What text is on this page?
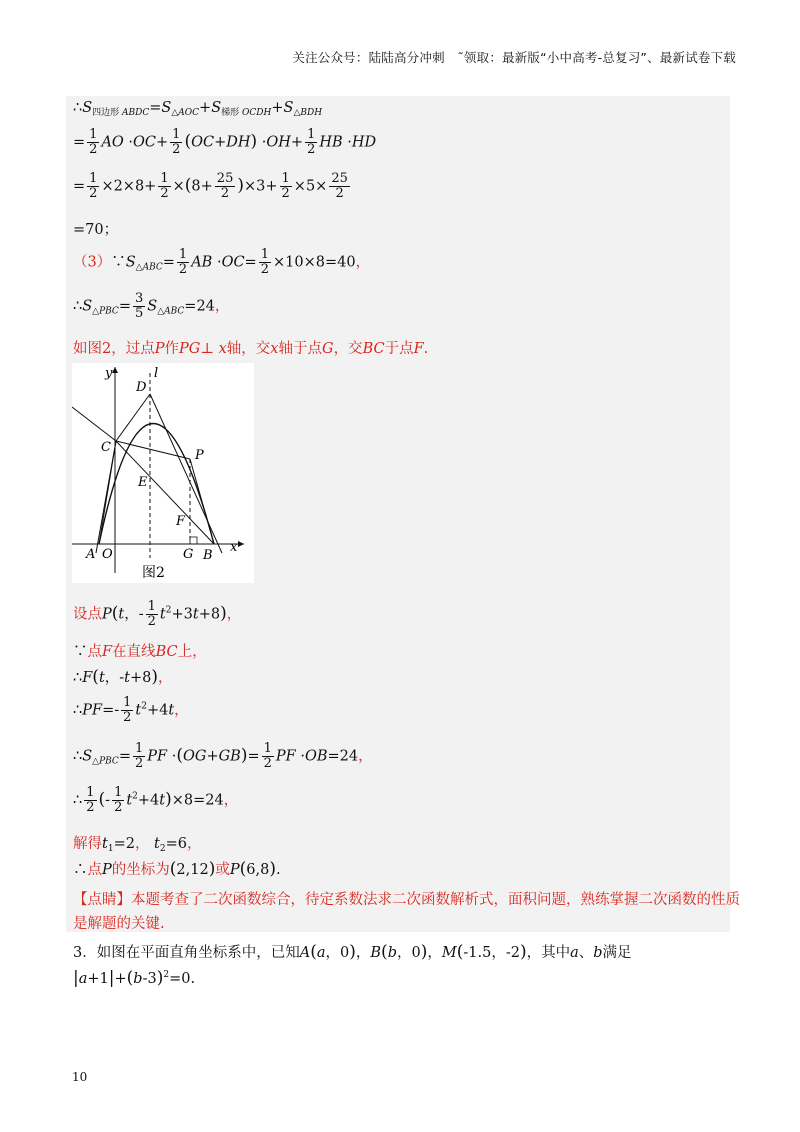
关注公众号：陆陆高分冲刺　˜领取：最新版“小中高考-总复习”、最新试卷下载
$\therefore S_{四边形}$ $_{ABDC}=S_{\triangle AOC}+S_{梯形}$ $_{OCDH}+S_{\triangle BDH}$
= $\frac{1}{2}$ AO $\cdot OC+ \frac{1}{2} (OC+DH) \cdot OH+ \frac{1}{2}$ HB ·HD
= $\frac{1}{2} \times 2\times 8+ \frac{1}{2} \times(8+ \frac{25}{2} )\times 3+ \frac{1}{2} \times 5\times \frac{25}{2}$
=70；
$(3)\because S_{\triangle ABC}= \frac{1}{2}$ AB $\cdot OC= \frac{1}{2} \times 10\times 8=40$，
$\therefore S_{\triangle PBC}= \frac{3}{5} S_{\triangle ABC}=24$，
如图2，过点P作PG⊥ x轴，交x轴于点G，交BC于点F.
y	l
D
C
P
E
F
A O	G B
x
图2
设点P(t，- $\frac{1}{2} t^2+3t+8$)，
∵点F在直线BC上，
∴F(t，-t+8)，
∴PF=- $\frac{1}{2} t^2+4t$，
$\therefore S_{\triangle PBC}= \frac{1}{2}$ PF $\cdot(OG+GB)= \frac{1}{2}$ PF ·OB=24，
∴ $\frac{1}{2}$ (- $\frac{1}{2} t^2+4t)\times 8=24$，
解得$t_1=2$， $t_2=6$，
∴点P的坐标为(2,12)或P(6,8).
【点睛】本题考查了二次函数综合，待定系数法求二次函数解析式，面积问题，熟练掌握二次函数的性质
是解题的关键.
3．如图在平面直角坐标系中，已知A(a，0)，B(b，0)，M(-1.5，-2)，其中a、b满足
$|a+1|+(b-3)^2=0$.
10
